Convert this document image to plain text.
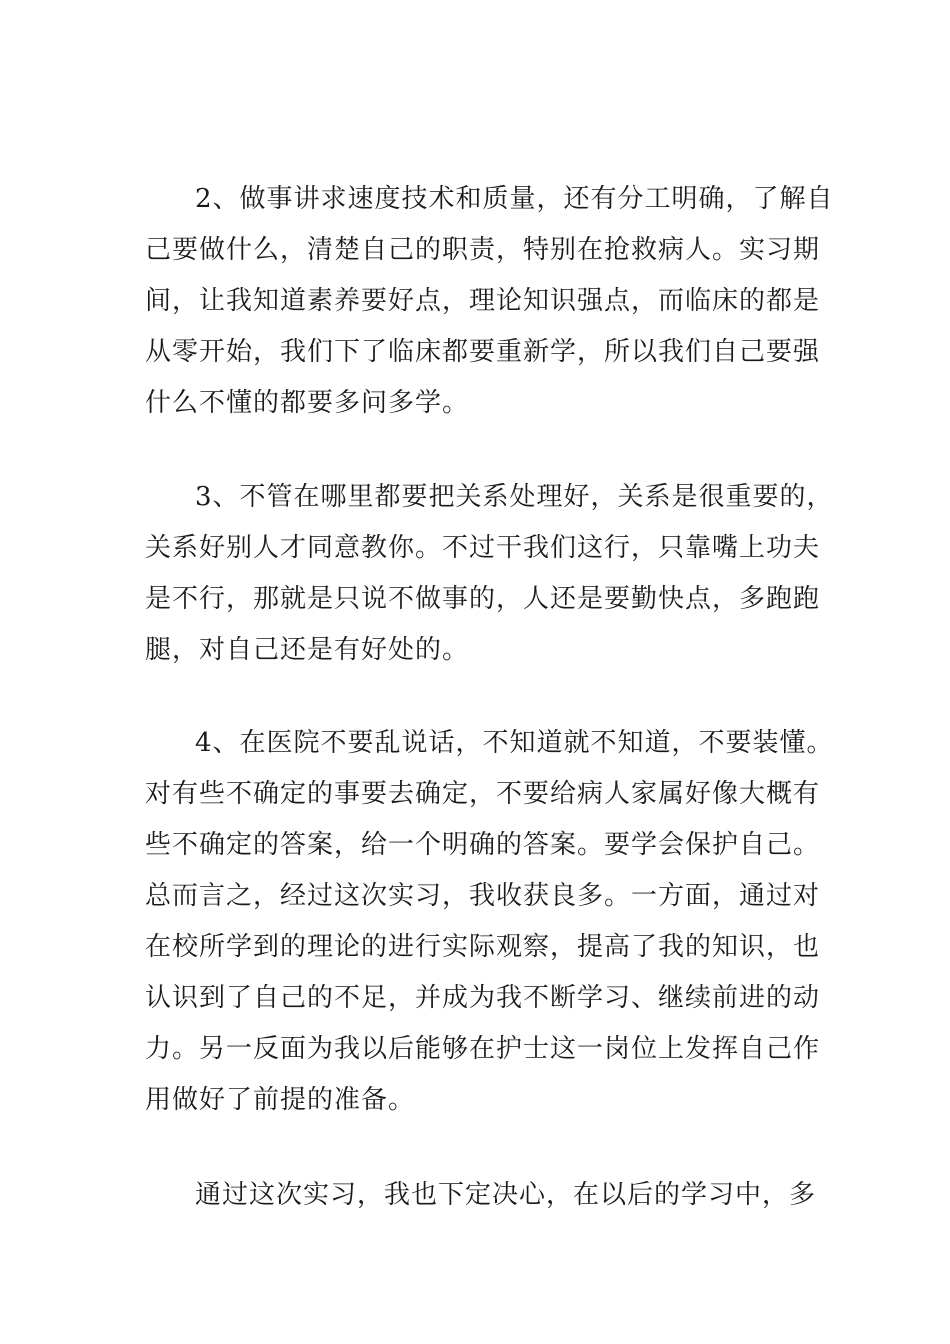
2、做事讲求速度技术和质量，还有分工明确，了解自
己要做什么，清楚自己的职责，特别在抢救病人。实习期
间，让我知道素养要好点，理论知识强点，而临床的都是
从零开始，我们下了临床都要重新学，所以我们自己要强
什么不懂的都要多问多学。
3、不管在哪里都要把关系处理好，关系是很重要的，
关系好别人才同意教你。不过干我们这行，只靠嘴上功夫
是不行，那就是只说不做事的，人还是要勤快点，多跑跑
腿，对自己还是有好处的。
4、在医院不要乱说话，不知道就不知道，不要装懂。
对有些不确定的事要去确定，不要给病人家属好像大概有
些不确定的答案，给一个明确的答案。要学会保护自己。
总而言之，经过这次实习，我收获良多。一方面，通过对
在校所学到的理论的进行实际观察，提高了我的知识，也
认识到了自己的不足，并成为我不断学习、继续前进的动
力。另一反面为我以后能够在护士这一岗位上发挥自己作
用做好了前提的准备。
通过这次实习，我也下定决心，在以后的学习中，多
